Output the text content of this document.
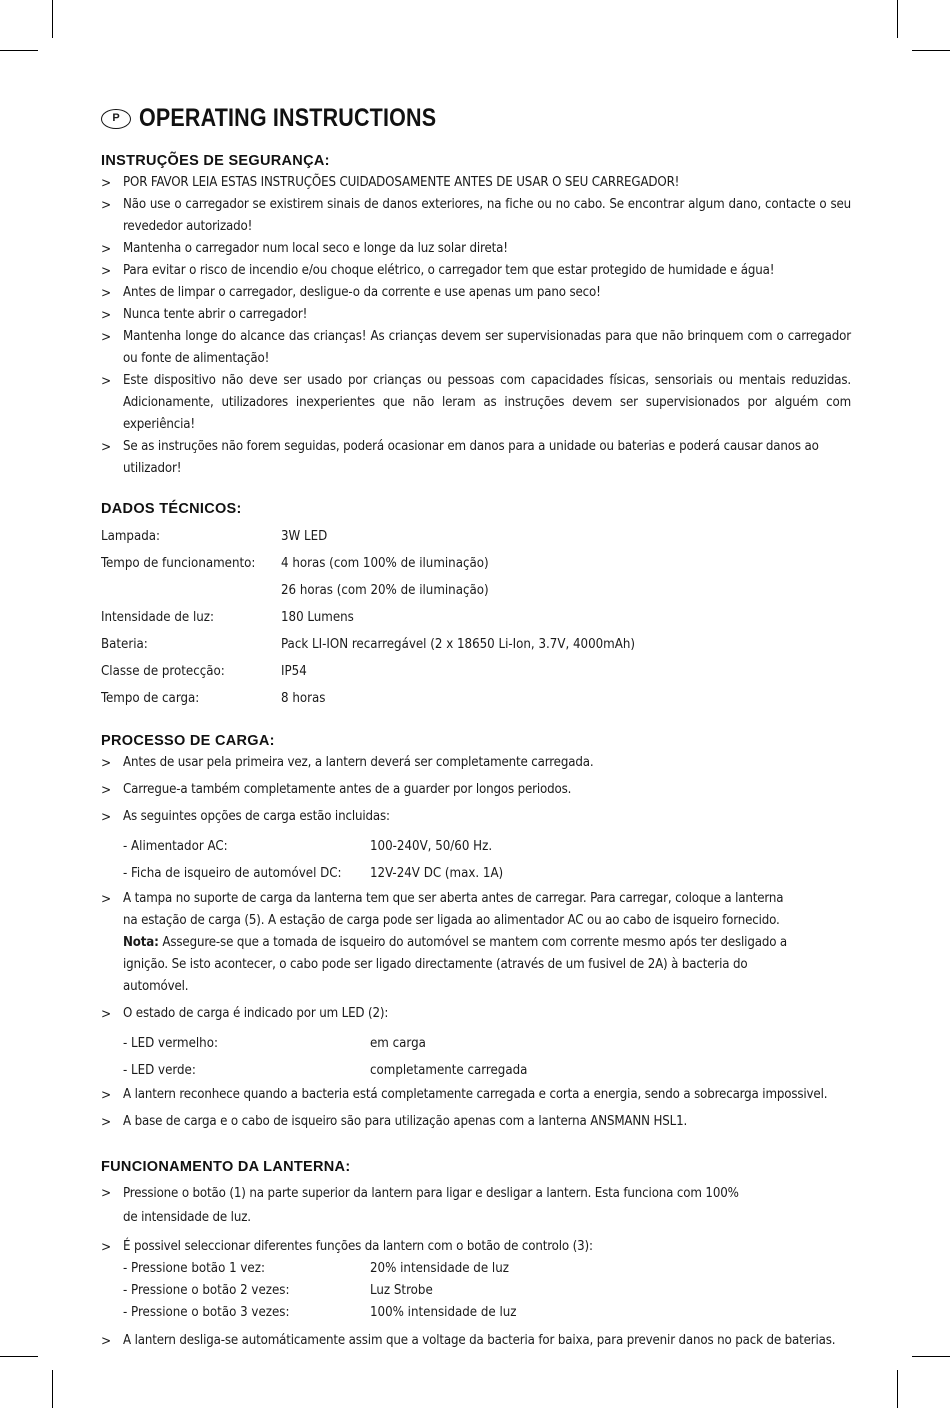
P OPERATING INSTRUCTIONS
INSTRUÇÕES DE SEGURANÇA:
> POR FAVOR LEIA ESTAS INSTRUÇÕES CUIDADOSAMENTE ANTES DE USAR O SEU CARREGADOR!
> Não use o carregador se existirem sinais de danos exteriores, na fiche ou no cabo. Se encontrar algum dano, contacte o seu revededor autorizado!
> Mantenha o carregador num local seco e longe da luz solar direta!
> Para evitar o risco de incendio e/ou choque elétrico, o carregador tem que estar protegido de humidade e água!
> Antes de limpar o carregador, desligue-o da corrente e use apenas um pano seco!
> Nunca tente abrir o carregador!
> Mantenha longe do alcance das crianças! As crianças devem ser supervisionadas para que não brinquem com o carregador ou fonte de alimentação!
> Este dispositivo não deve ser usado por crianças ou pessoas com capacidades físicas, sensoriais ou mentais reduzidas. Adicionamente, utilizadores inexperientes que não leram as instruções devem ser supervisionados por alguém com experiência!
> Se as instruções não forem seguidas, poderá ocasionar em danos para a unidade ou baterias e poderá causar danos ao utilizador!
DADOS TÉCNICOS:
Lampada:	3W LED
Tempo de funcionamento:	4 horas (com 100% de iluminação)
26 horas (com 20% de iluminação)
Intensidade de luz:	180 Lumens
Bateria:	Pack LI-ION recarregável (2 x 18650 Li-Ion, 3.7V, 4000mAh)
Classe de protecção:	IP54
Tempo de carga:	8 horas
PROCESSO DE CARGA:
> Antes de usar pela primeira vez, a lantern deverá ser completamente carregada.
> Carregue-a também completamente antes de a guarder por longos periodos.
> As seguintes opções de carga estão incluidas:
- Alimentador AC:	100-240V, 50/60 Hz.
- Ficha de isqueiro de automóvel DC:	12V-24V DC (max. 1A)
> A tampa no suporte de carga da lanterna tem que ser aberta antes de carregar. Para carregar, coloque a lanterna na estação de carga (5). A estação de carga pode ser ligada ao alimentador AC ou ao cabo de isqueiro fornecido. Nota: Assegure-se que a tomada de isqueiro do automóvel se mantem com corrente mesmo após ter desligado a ignição. Se isto acontecer, o cabo pode ser ligado directamente (através de um fusivel de 2A) à bacteria do automóvel.
> O estado de carga é indicado por um LED (2):
- LED vermelho:	em carga
- LED verde:	completamente carregada
> A lantern reconhece quando a bacteria está completamente carregada e corta a energia, sendo a sobrecarga impossivel.
> A base de carga e o cabo de isqueiro são para utilização apenas com a lanterna ANSMANN HSL1.
FUNCIONAMENTO DA LANTERNA:
> Pressione o botão (1) na parte superior da lantern para ligar e desligar a lantern. Esta funciona com 100% de intensidade de luz.
> É possivel seleccionar diferentes funções da lantern com o botão de controlo (3):
- Pressione botão 1 vez:	20% intensidade de luz
- Pressione o botão 2 vezes:	Luz Strobe
- Pressione o botão 3 vezes:	100% intensidade de luz
> A lantern desliga-se automáticamente assim que a voltage da bacteria for baixa, para prevenir danos no pack de baterias.
